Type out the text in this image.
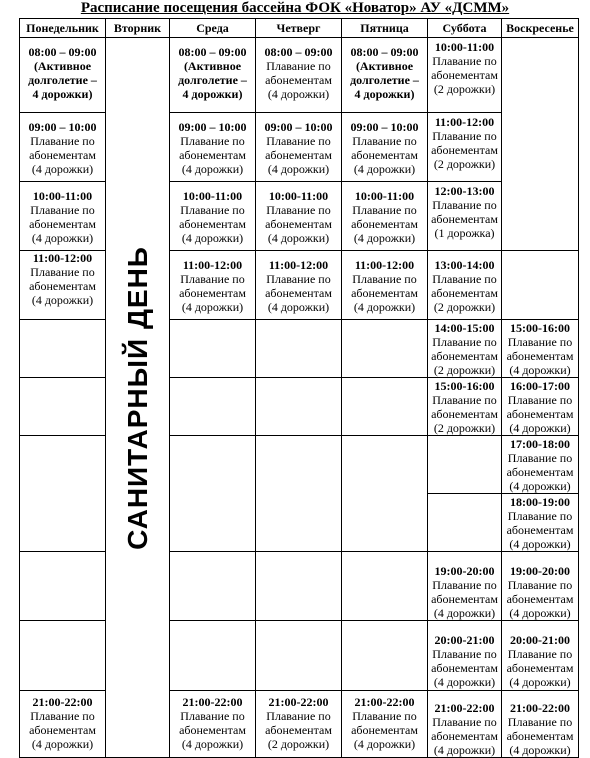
Расписание посещения бассейна ФОК «Новатор» АУ «ДСММ»
Понедельник	Вторник	Среда	Четверг	Пятница	Суббота	Воскресенье

08:00 – 09:00
(Активное
долголетие –
4 дорожки)	САНИТАРНЫЙ ДЕНЬ	08:00 – 09:00
(Активное
долголетие –
4 дорожки)	08:00 – 09:00
Плавание по
абонементам
(4 дорожки)	08:00 – 09:00
(Активное
долголетие –
4 дорожки)	10:00-11:00
Плавание по
абонементам
(2 дорожки)	

09:00 – 10:00
Плавание по
абонементам
(4 дорожки)		09:00 – 10:00
Плавание по
абонементам
(4 дорожки)	09:00 – 10:00
Плавание по
абонементам
(4 дорожки)	09:00 – 10:00
Плавание по
абонементам
(4 дорожки)	11:00-12:00
Плавание по
абонементам
(2 дорожки)	

10:00-11:00
Плавание по
абонементам
(4 дорожки)		10:00-11:00
Плавание по
абонементам
(4 дорожки)	10:00-11:00
Плавание по
абонементам
(4 дорожки)	10:00-11:00
Плавание по
абонементам
(4 дорожки)	12:00-13:00
Плавание по
абонементам
(1 дорожка)	

11:00-12:00
Плавание по
абонементам
(4 дорожки)		11:00-12:00
Плавание по
абонементам
(4 дорожки)	11:00-12:00
Плавание по
абонементам
(4 дорожки)	11:00-12:00
Плавание по
абонементам
(4 дорожки)	13:00-14:00
Плавание по
абонементам
(2 дорожки)	

					14:00-15:00
Плавание по
абонементам
(2 дорожки)	15:00-16:00
Плавание по
абонементам
(4 дорожки)

					15:00-16:00
Плавание по
абонементам
(2 дорожки)	16:00-17:00
Плавание по
абонементам
(4 дорожки)

						17:00-18:00
Плавание по
абонементам
(4 дорожки)

						18:00-19:00
Плавание по
абонементам
(4 дорожки)

					19:00-20:00
Плавание по
абонементам
(4 дорожки)	19:00-20:00
Плавание по
абонементам
(4 дорожки)

					20:00-21:00
Плавание по
абонементам
(4 дорожки)	20:00-21:00
Плавание по
абонементам
(4 дорожки)

21:00-22:00
Плавание по
абонементам
(4 дорожки)		21:00-22:00
Плавание по
абонементам
(4 дорожки)	21:00-22:00
Плавание по
абонементам
(2 дорожки)	21:00-22:00
Плавание по
абонементам
(4 дорожки)	21:00-22:00
Плавание по
абонементам
(4 дорожки)	21:00-22:00
Плавание по
абонементам
(4 дорожки)
